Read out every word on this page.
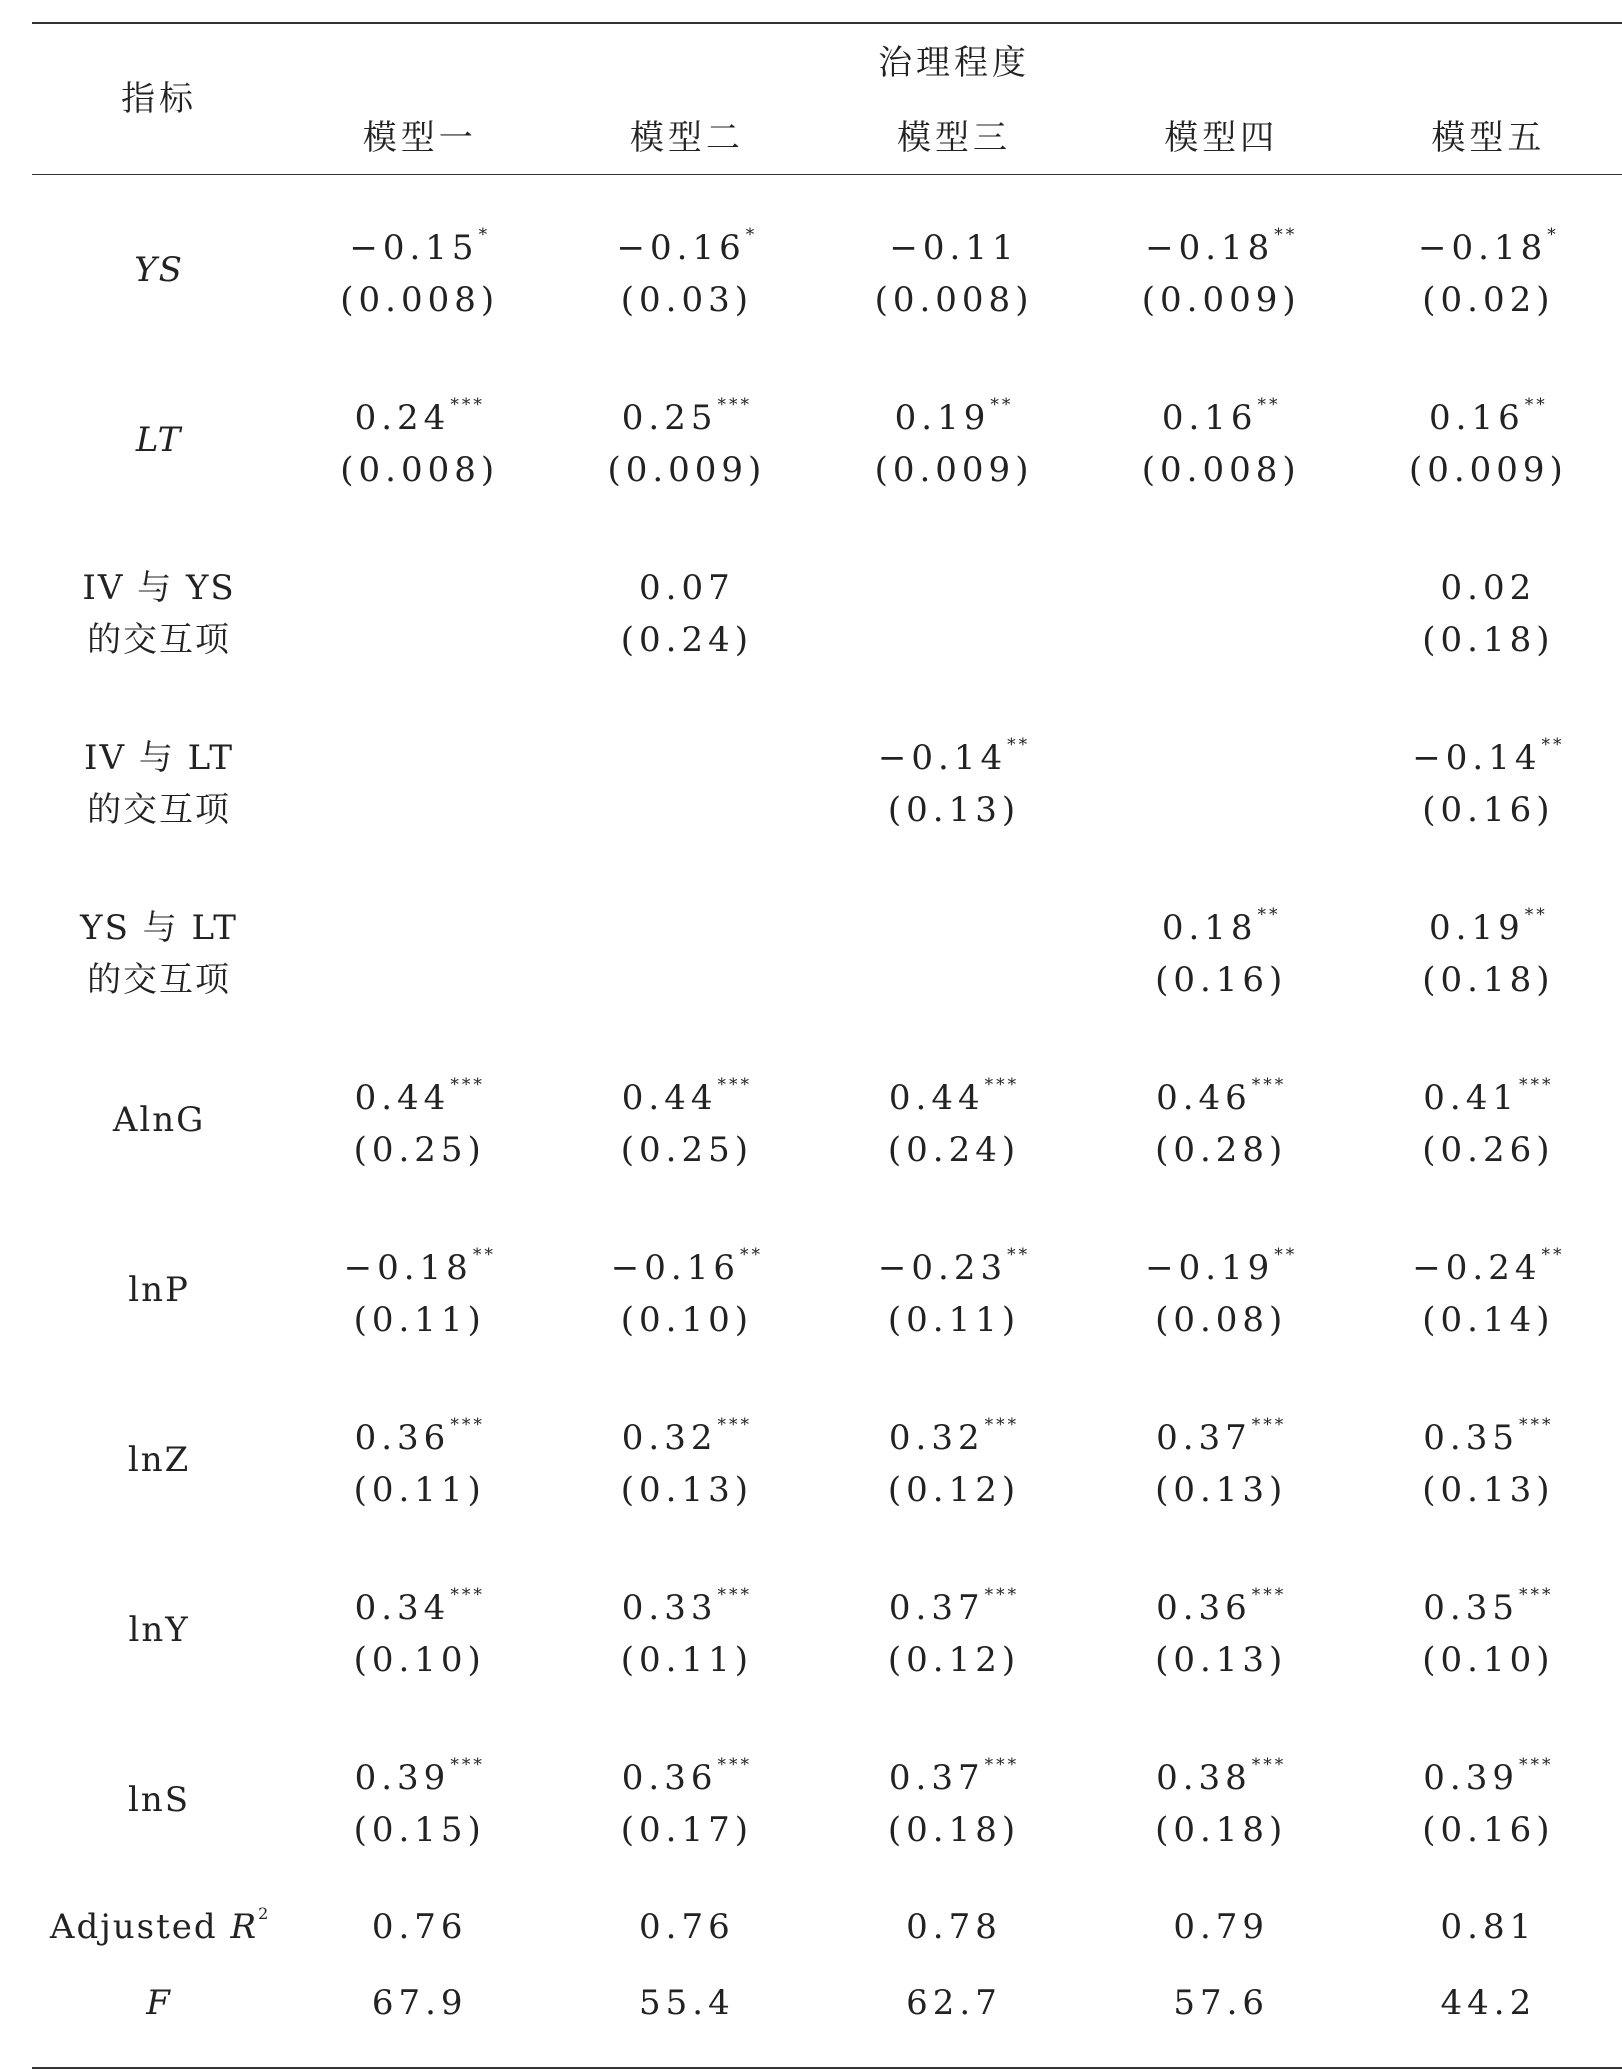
指标	治理程度				
	模型一	模型二	模型三	模型四	模型五

YS	−0.15*	−0.16*	−0.11	−0.18**	−0.18*
	(0.008)	(0.03)	(0.008)	(0.009)	(0.02)
LT	0.24***	0.25***	0.19**	0.16**	0.16**
	(0.008)	(0.009)	(0.009)	(0.008)	(0.009)
IV 与 YS		0.07			0.02
的交互项		(0.24)			(0.18)
IV 与 LT			−0.14**		−0.14**
的交互项			(0.13)		(0.16)
YS 与 LT				0.18**	0.19**
的交互项				(0.16)	(0.18)
AlnG	0.44***	0.44***	0.44***	0.46***	0.41***
	(0.25)	(0.25)	(0.24)	(0.28)	(0.26)
lnP	−0.18**	−0.16**	−0.23**	−0.19**	−0.24**
	(0.11)	(0.10)	(0.11)	(0.08)	(0.14)
lnZ	0.36***	0.32***	0.32***	0.37***	0.35***
	(0.11)	(0.13)	(0.12)	(0.13)	(0.13)
lnY	0.34***	0.33***	0.37***	0.36***	0.35***
	(0.10)	(0.11)	(0.12)	(0.13)	(0.10)
lnS	0.39***	0.36***	0.37***	0.38***	0.39***
	(0.15)	(0.17)	(0.18)	(0.18)	(0.16)
Adjusted $R^2$	0.76	0.76	0.78	0.79	0.81
F	67.9	55.4	62.7	57.6	44.2
